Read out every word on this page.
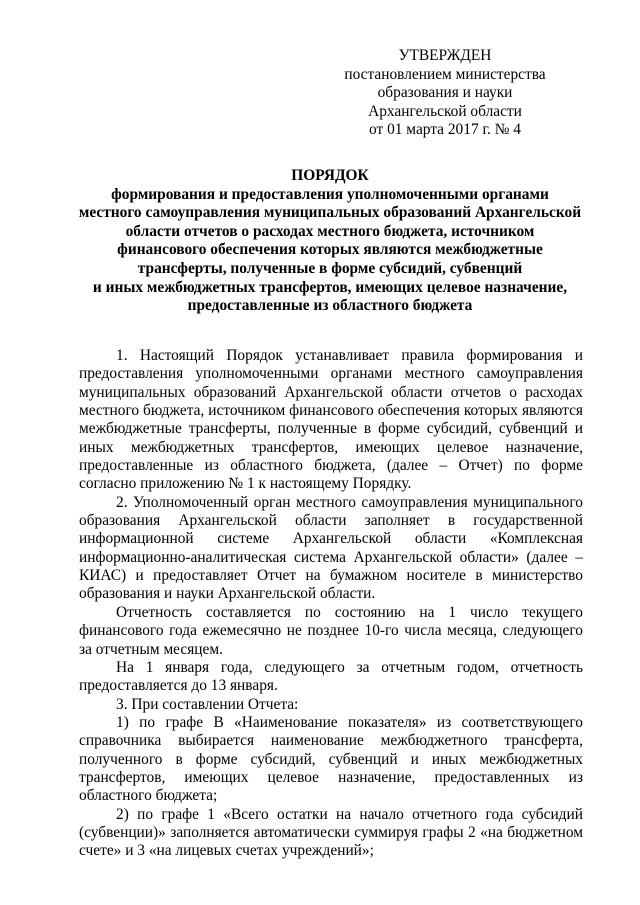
УТВЕРЖДЕН
постановлением министерства
образования и науки
Архангельской области
от 01 марта 2017 г. № 4
ПОРЯДОК
формирования и предоставления уполномоченными органами
местного самоуправления муниципальных образований Архангельской
области отчетов о расходах местного бюджета, источником
финансового обеспечения которых являются межбюджетные
трансферты, полученные в форме субсидий, субвенций
и иных межбюджетных трансфертов, имеющих целевое назначение,
предоставленные из областного бюджета

1. Настоящий Порядок устанавливает правила формирования и предоставления уполномоченными органами местного самоуправления муниципальных образований Архангельской области отчетов о расходах местного бюджета, источником финансового обеспечения которых являются межбюджетные трансферты, полученные в форме субсидий, субвенций и иных межбюджетных трансфертов, имеющих целевое назначение, предоставленные из областного бюджета, (далее – Отчет) по форме согласно приложению № 1 к настоящему Порядку.

2. Уполномоченный орган местного самоуправления муниципального образования Архангельской области заполняет в государственной информационной системе Архангельской области «Комплексная информационно-аналитическая система Архангельской области» (далее – КИАС) и предоставляет Отчет на бумажном носителе в министерство образования и науки Архангельской области.

Отчетность составляется по состоянию на 1 число текущего финансового года ежемесячно не позднее 10-го числа месяца, следующего за отчетным месяцем.

На 1 января года, следующего за отчетным годом, отчетность предоставляется до 13 января.

3. При составлении Отчета:

1) по графе В «Наименование показателя» из соответствующего справочника выбирается наименование межбюджетного трансферта, полученного в форме субсидий, субвенций и иных межбюджетных трансфертов, имеющих целевое назначение, предоставленных из областного бюджета;

2) по графе 1 «Всего остатки на начало отчетного года субсидий (субвенции)» заполняется автоматически суммируя графы 2 «на бюджетном счете» и 3 «на лицевых счетах учреждений»;
